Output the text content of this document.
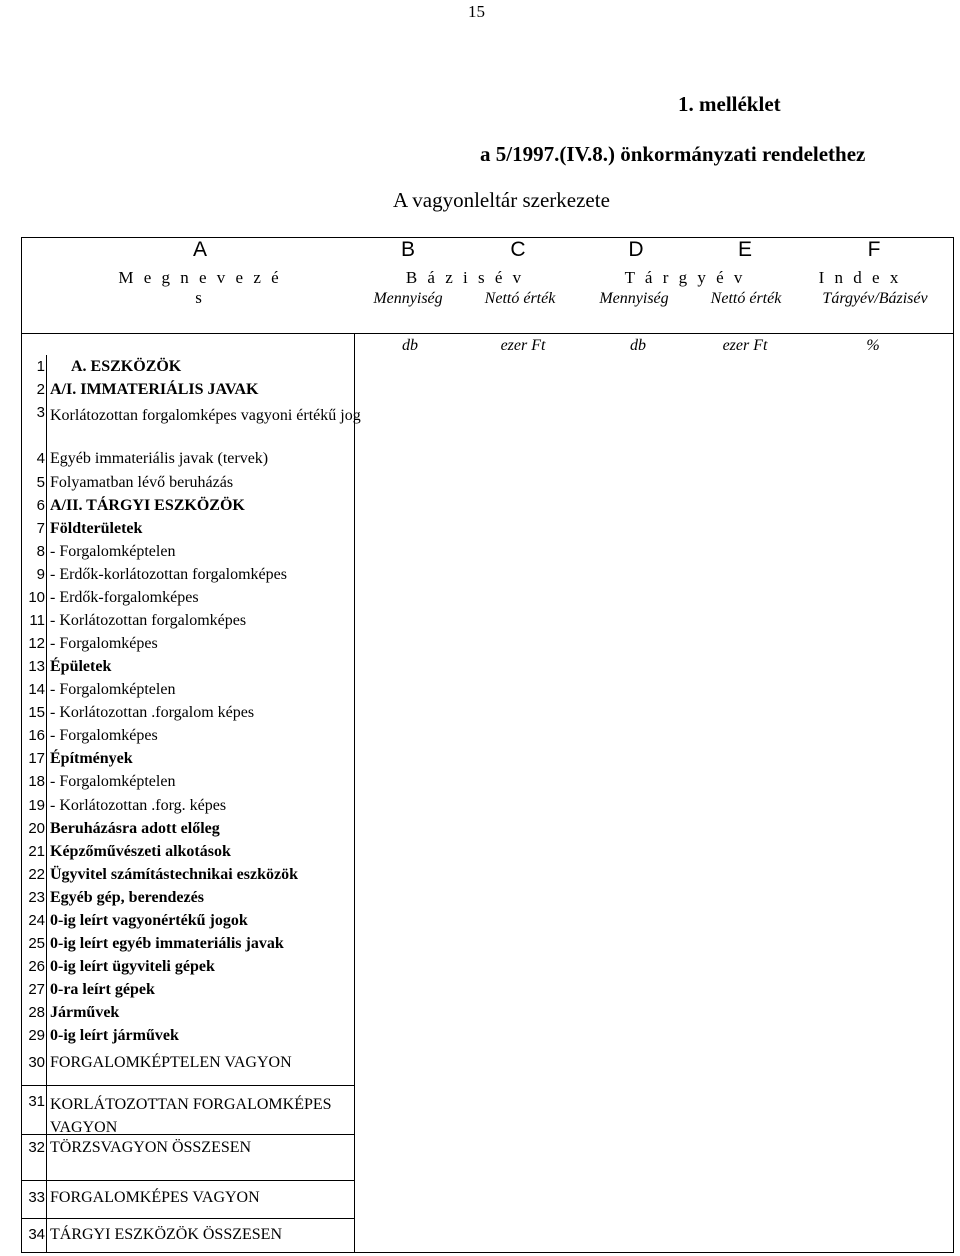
15
1. melléklet
a 5/1997.(IV.8.) önkormányzati rendelethez
A vagyonleltár szerkezete
A	B	C	D	E	F
M e g n e v e z é s
B á z i s é v	T á r g y é v	I n d e x
Mennyiség	Nettó érték	Mennyiség	Nettó érték	Tárgyév/Bázisév
db	ezer Ft	db	ezer Ft	%
1 A. ESZKÖZÖK
2 A/I. IMMATERIÁLIS JAVAK
3 Korlátozottan forgalomképes vagyoni értékű jog
4 Egyéb immateriális javak (tervek)
5 Folyamatban lévő beruházás
6 A/II. TÁRGYI ESZKÖZÖK
7 Földterületek
8 - Forgalomképtelen
9 - Erdők-korlátozottan forgalomképes
10 - Erdők-forgalomképes
11 - Korlátozottan forgalomképes
12 - Forgalomképes
13 Épületek
14 - Forgalomképtelen
15 - Korlátozottan .forgalom képes
16 - Forgalomképes
17 Építmények
18 - Forgalomképtelen
19 - Korlátozottan .forg. képes
20 Beruházásra adott előleg
21 Képzőművészeti alkotások
22 Ügyvitel számítástechnikai eszközök
23 Egyéb gép, berendezés
24 0-ig leírt vagyonértékű jogok
25 0-ig leírt egyéb immateriális javak
26 0-ig leírt ügyviteli gépek
27 0-ra leírt gépek
28 Járművek
29 0-ig leírt járművek
30 FORGALOMKÉPTELEN VAGYON
31 KORLÁTOZOTTAN FORGALOMKÉPES VAGYON
32 TÖRZSVAGYON ÖSSZESEN
33 FORGALOMKÉPES VAGYON
34 TÁRGYI ESZKÖZÖK ÖSSZESEN
